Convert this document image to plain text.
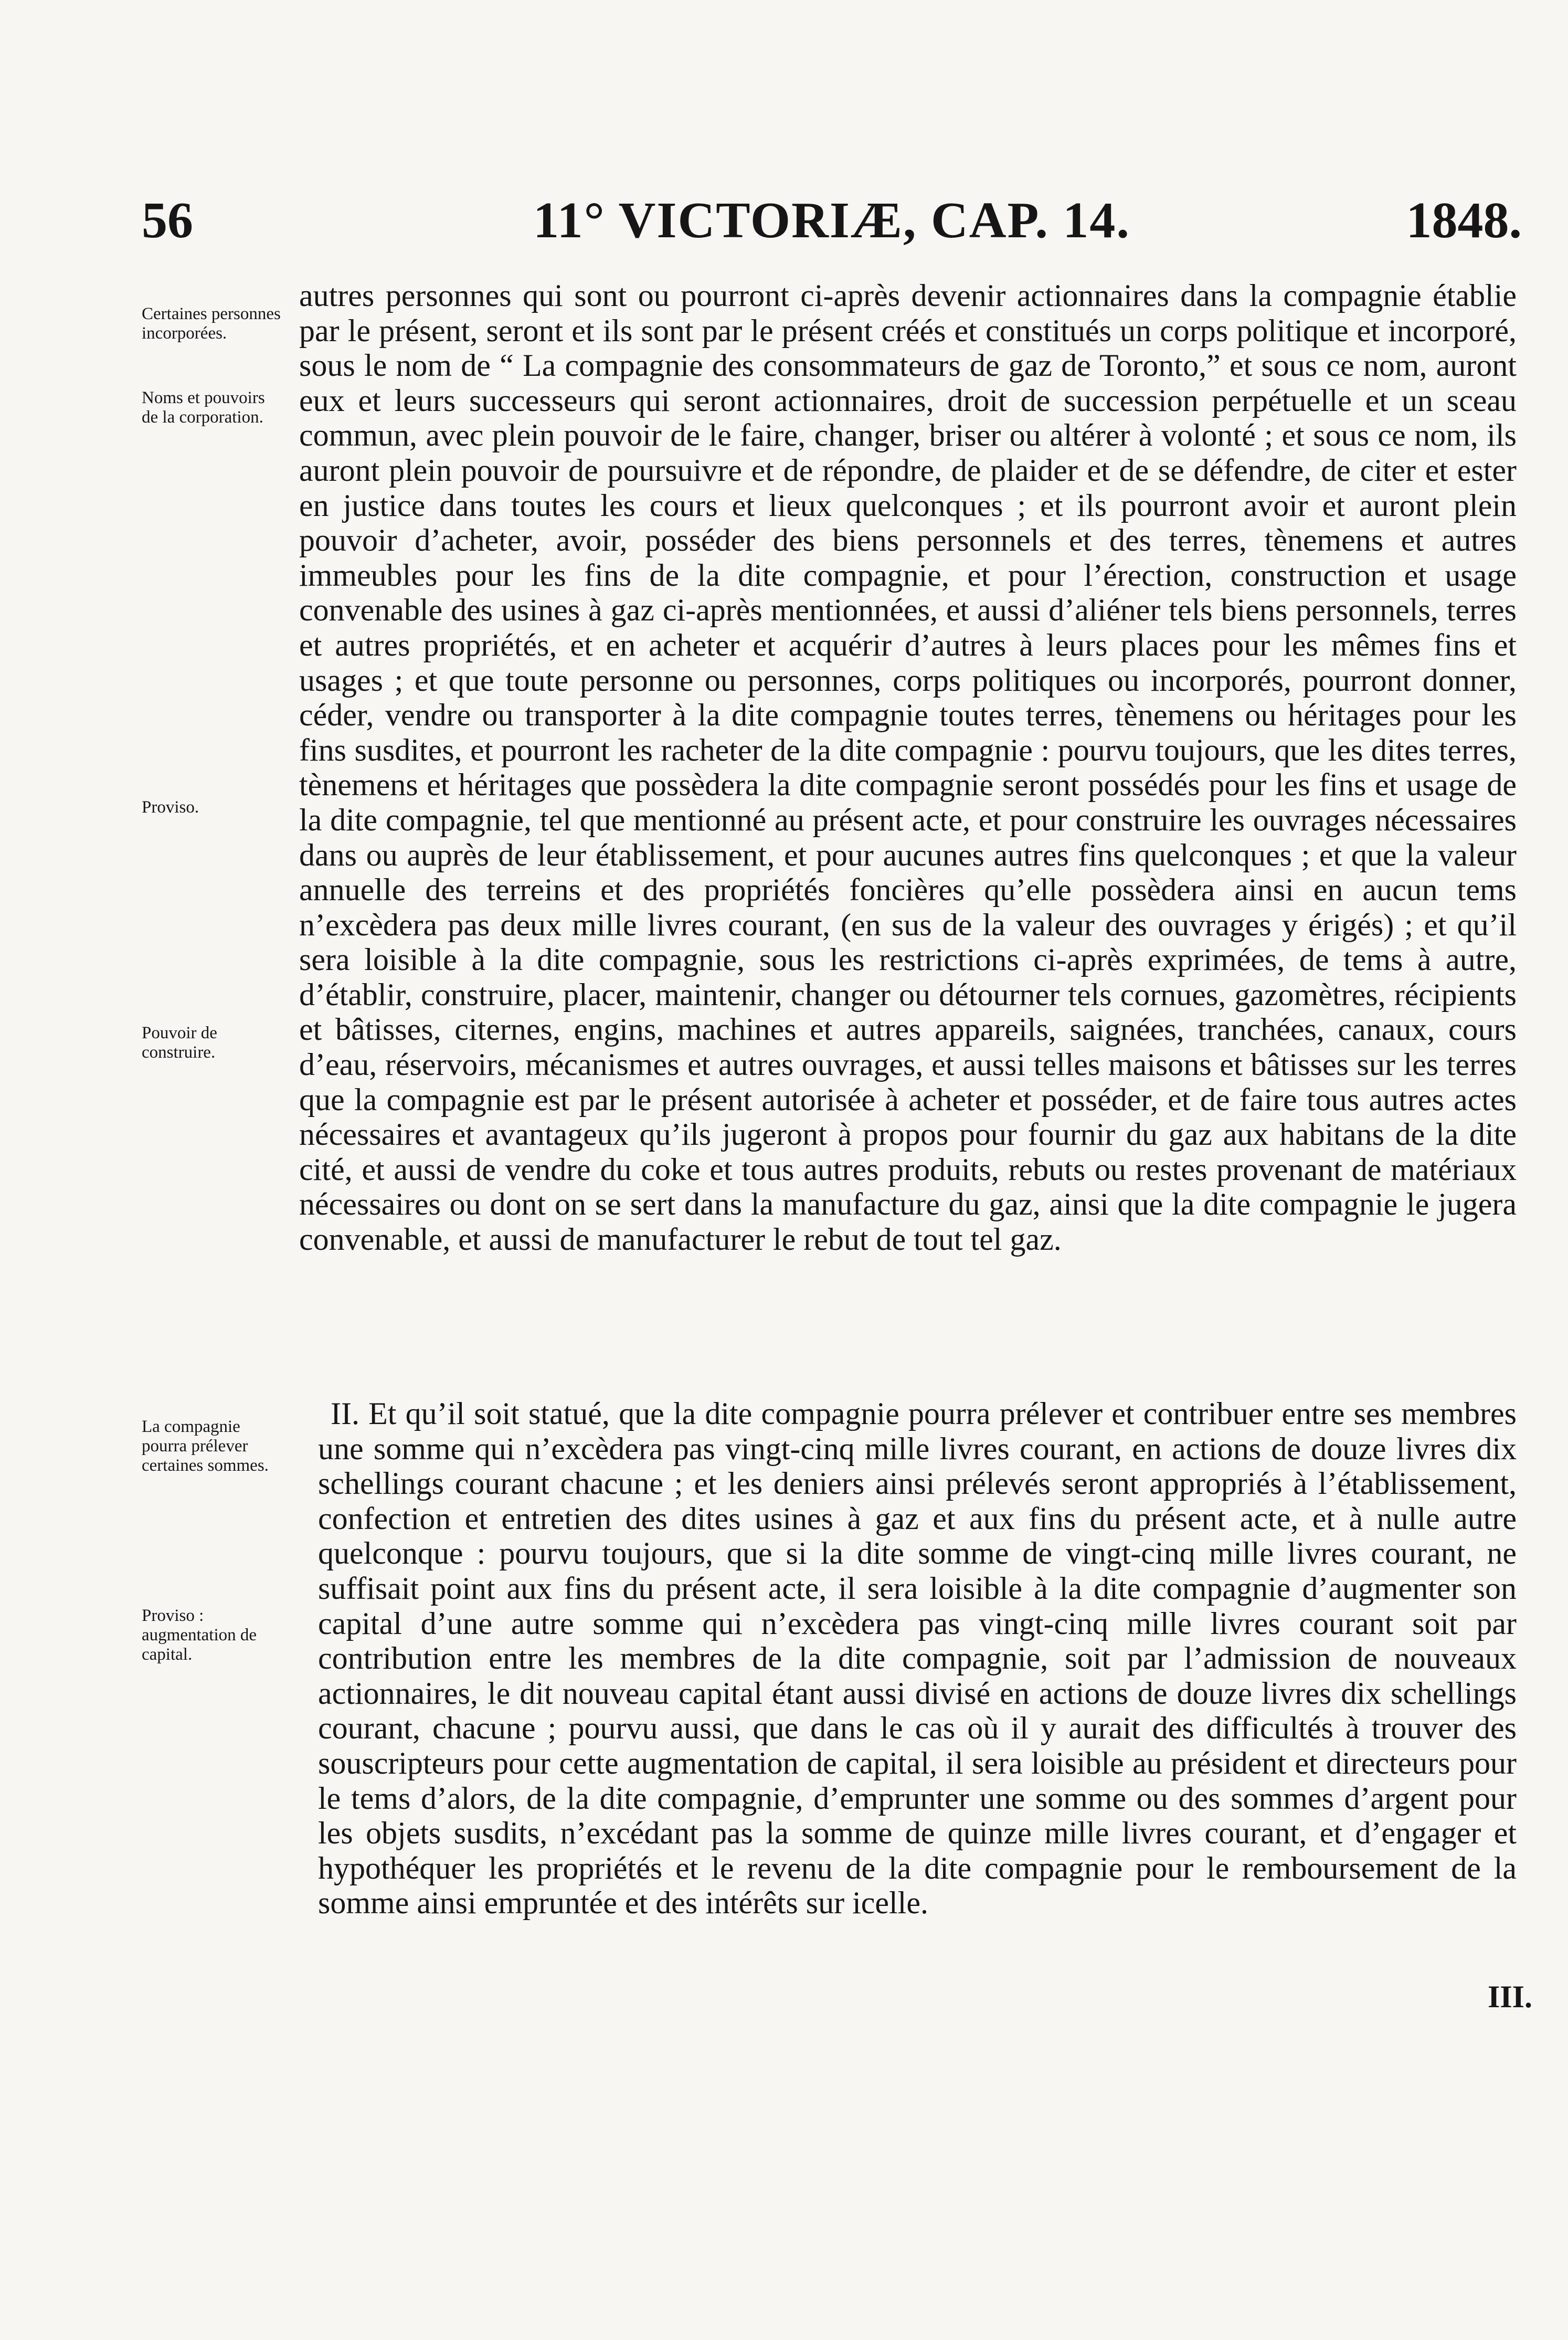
56	11° VICTORIÆ, CAP. 14.	1848.
Certaines personnes incorporées.
Noms et pouvoirs de la corporation.
Proviso.
Pouvoir de construire.
autres personnes qui sont ou pourront ci-après devenir actionnaires dans la compagnie établie par le présent, seront et ils sont par le présent créés et constitués un corps politique et incorporé, sous le nom de “ La compagnie des consommateurs de gaz de Toronto,” et sous ce nom, auront eux et leurs successeurs qui seront actionnaires, droit de succession perpétuelle et un sceau commun, avec plein pouvoir de le faire, changer, briser ou altérer à volonté ; et sous ce nom, ils auront plein pouvoir de poursuivre et de répondre, de plaider et de se défendre, de citer et ester en justice dans toutes les cours et lieux quelconques ; et ils pourront avoir et auront plein pouvoir d’acheter, avoir, posséder des biens personnels et des terres, tènemens et autres immeubles pour les fins de la dite compagnie, et pour l’érection, construction et usage convenable des usines à gaz ci-après mentionnées, et aussi d’aliéner tels biens personnels, terres et autres propriétés, et en acheter et acquérir d’autres à leurs places pour les mêmes fins et usages ; et que toute personne ou personnes, corps politiques ou incorporés, pourront donner, céder, vendre ou transporter à la dite compagnie toutes terres, tènemens ou héritages pour les fins susdites, et pourront les racheter de la dite compagnie : pourvu toujours, que les dites terres, tènemens et héritages que possèdera la dite compagnie seront possédés pour les fins et usage de la dite compagnie, tel que mentionné au présent acte, et pour construire les ouvrages nécessaires dans ou auprès de leur établissement, et pour aucunes autres fins quelconques ; et que la valeur annuelle des terreins et des propriétés foncières qu’elle possèdera ainsi en aucun tems n’excèdera pas deux mille livres courant, (en sus de la valeur des ouvrages y érigés) ; et qu’il sera loisible à la dite compagnie, sous les restrictions ci-après exprimées, de tems à autre, d’établir, construire, placer, maintenir, changer ou détourner tels cornues, gazomètres, récipients et bâtisses, citernes, engins, machines et autres appareils, saignées, tranchées, canaux, cours d’eau, réservoirs, mécanismes et autres ouvrages, et aussi telles maisons et bâtisses sur les terres que la compagnie est par le présent autorisée à acheter et posséder, et de faire tous autres actes nécessaires et avantageux qu’ils jugeront à propos pour fournir du gaz aux habitans de la dite cité, et aussi de vendre du coke et tous autres produits, rebuts ou restes provenant de matériaux nécessaires ou dont on se sert dans la manufacture du gaz, ainsi que la dite compagnie le jugera convenable, et aussi de manufacturer le rebut de tout tel gaz.
La compagnie pourra prélever certaines sommes.
Proviso : augmentation de capital.
II. Et qu’il soit statué, que la dite compagnie pourra prélever et contribuer entre ses membres une somme qui n’excèdera pas vingt-cinq mille livres courant, en actions de douze livres dix schellings courant chacune ; et les deniers ainsi prélevés seront appropriés à l’établissement, confection et entretien des dites usines à gaz et aux fins du présent acte, et à nulle autre quelconque : pourvu toujours, que si la dite somme de vingt-cinq mille livres courant, ne suffisait point aux fins du présent acte, il sera loisible à la dite compagnie d’augmenter son capital d’une autre somme qui n’excèdera pas vingt-cinq mille livres courant soit par contribution entre les membres de la dite compagnie, soit par l’admission de nouveaux actionnaires, le dit nouveau capital étant aussi divisé en actions de douze livres dix schellings courant, chacune ; pourvu aussi, que dans le cas où il y aurait des difficultés à trouver des souscripteurs pour cette augmentation de capital, il sera loisible au président et directeurs pour le tems d’alors, de la dite compagnie, d’emprunter une somme ou des sommes d’argent pour les objets susdits, n’excédant pas la somme de quinze mille livres courant, et d’engager et hypothéquer les propriétés et le revenu de la dite compagnie pour le remboursement de la somme ainsi empruntée et des intérêts sur icelle.
III.
